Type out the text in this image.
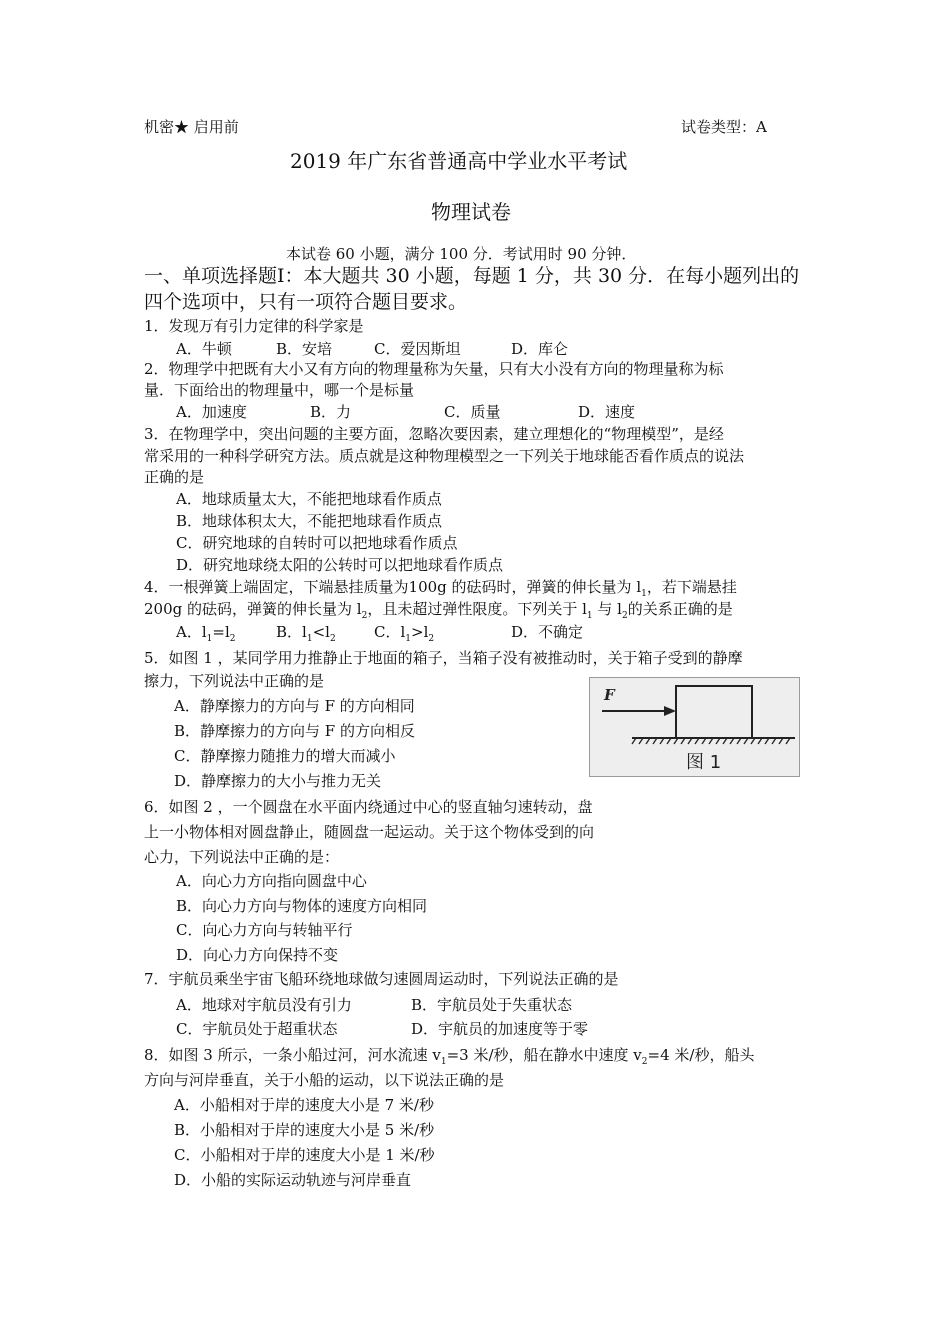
机密★ 启用前	试卷类型：A
2019 年广东省普通高中学业水平考试
物理试卷
本试卷 60 小题，满分 100 分．考试用时 90 分钟．
一、单项选择题Ⅰ：本大题共 30 小题，每题 1 分，共 30 分．在每小题列出的
四个选项中，只有一项符合题目要求。
1．发现万有引力定律的科学家是
A．牛顿	B．安培	C．爱因斯坦	D．库仑
2．物理学中把既有大小又有方向的物理量称为矢量，只有大小没有方向的物理量称为标
量．下面给出的物理量中，哪一个是标量
A．加速度	B．力	C．质量	D．速度
3．在物理学中，突出问题的主要方面，忽略次要因素，建立理想化的“物理模型”，是经
常采用的一种科学研究方法。质点就是这种物理模型之一下列关于地球能否看作质点的说法
正确的是
A．地球质量太大，不能把地球看作质点
B．地球体积太大，不能把地球看作质点
C．研究地球的自转时可以把地球看作质点
D．研究地球绕太阳的公转时可以把地球看作质点
4．一根弹簧上端固定，下端悬挂质量为100g 的砝码时，弹簧的伸长量为 $l_1$，若下端悬挂
200g 的砝码，弹簧的伸长量为 $l_2$，且未超过弹性限度。下列关于 $l_1$ 与 $l_2$的关系正确的是
A．$l_1=l_2$	B．$l_1<l_2$	C．$l_1>l_2$	D．不确定
5．如图 1 ，某同学用力推静止于地面的箱子，当箱子没有被推动时，关于箱子受到的静摩
擦力，下列说法中正确的是
A．静摩擦力的方向与 F 的方向相同
B．静摩擦力的方向与 F 的方向相反
C．静摩擦力随推力的增大而减小
D．静摩擦力的大小与推力无关
F
图 1
6．如图 2 ，一个圆盘在水平面内绕通过中心的竖直轴匀速转动，盘
上一小物体相对圆盘静止，随圆盘一起运动。关于这个物体受到的向
心力，下列说法中正确的是：
A．向心力方向指向圆盘中心
B．向心力方向与物体的速度方向相同
C．向心力方向与转轴平行
D．向心力方向保持不变
7．宇航员乘坐宇宙飞船环绕地球做匀速圆周运动时，下列说法正确的是
A．地球对宇航员没有引力	B．宇航员处于失重状态
C．宇航员处于超重状态	D．宇航员的加速度等于零
8．如图 3 所示，一条小船过河，河水流速 $v_1=3$ 米/秒，船在静水中速度 $v_2=4$ 米/秒，船头
方向与河岸垂直，关于小船的运动，以下说法正确的是
A．小船相对于岸的速度大小是 7 米/秒
B．小船相对于岸的速度大小是 5 米/秒
C．小船相对于岸的速度大小是 1 米/秒
D．小船的实际运动轨迹与河岸垂直
